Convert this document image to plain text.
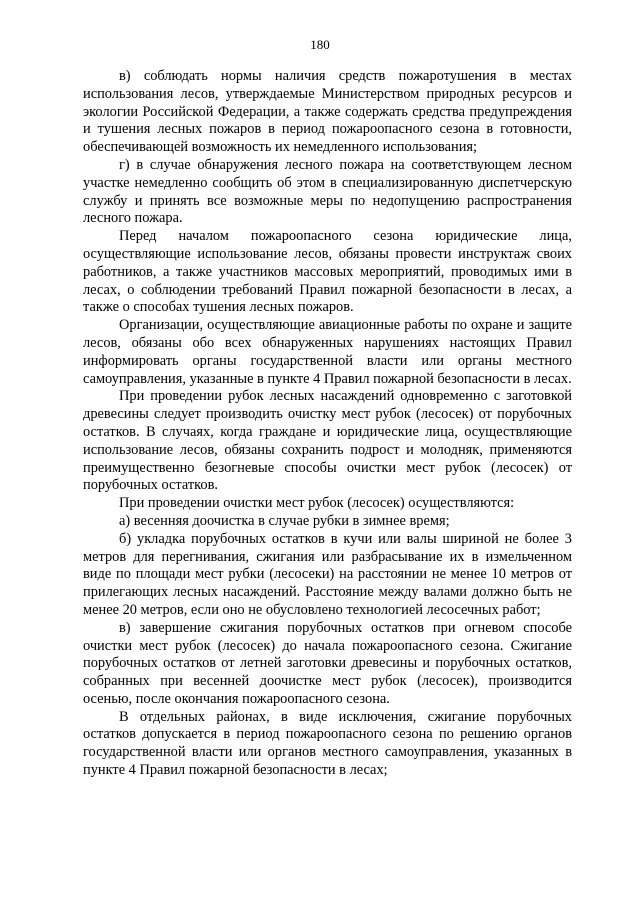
180

в) соблюдать нормы наличия средств пожаротушения в местах использования лесов, утверждаемые Министерством природных ресурсов и экологии Российской Федерации, а также содержать средства предупреждения и тушения лесных пожаров в период пожароопасного сезона в готовности, обеспечивающей возможность их немедленного использования;

г) в случае обнаружения лесного пожара на соответствующем лесном участке немедленно сообщить об этом в специализированную диспетчерскую службу и принять все возможные меры по недопущению распространения лесного пожара.

Перед началом пожароопасного сезона юридические лица, осуществляющие использование лесов, обязаны провести инструктаж своих работников, а также участников массовых мероприятий, проводимых ими в лесах, о соблюдении требований Правил пожарной безопасности в лесах, а также о способах тушения лесных пожаров.

Организации, осуществляющие авиационные работы по охране и защите лесов, обязаны обо всех обнаруженных нарушениях настоящих Правил информировать органы государственной власти или органы местного самоуправления, указанные в пункте 4 Правил пожарной безопасности в лесах.

При проведении рубок лесных насаждений одновременно с заготовкой древесины следует производить очистку мест рубок (лесосек) от порубочных остатков. В случаях, когда граждане и юридические лица, осуществляющие использование лесов, обязаны сохранить подрост и молодняк, применяются преимущественно безогневые способы очистки мест рубок (лесосек) от порубочных остатков.

При проведении очистки мест рубок (лесосек) осуществляются:

а) весенняя доочистка в случае рубки в зимнее время;

б) укладка порубочных остатков в кучи или валы шириной не более 3 метров для перегнивания, сжигания или разбрасывание их в измельченном виде по площади мест рубки (лесосеки) на расстоянии не менее 10 метров от прилегающих лесных насаждений. Расстояние между валами должно быть не менее 20 метров, если оно не обусловлено технологией лесосечных работ;

в) завершение сжигания порубочных остатков при огневом способе очистки мест рубок (лесосек) до начала пожароопасного сезона. Сжигание порубочных остатков от летней заготовки древесины и порубочных остатков, собранных при весенней доочистке мест рубок (лесосек), производится осенью, после окончания пожароопасного сезона.

В отдельных районах, в виде исключения, сжигание порубочных остатков допускается в период пожароопасного сезона по решению органов государственной власти или органов местного самоуправления, указанных в пункте 4 Правил пожарной безопасности в лесах;
